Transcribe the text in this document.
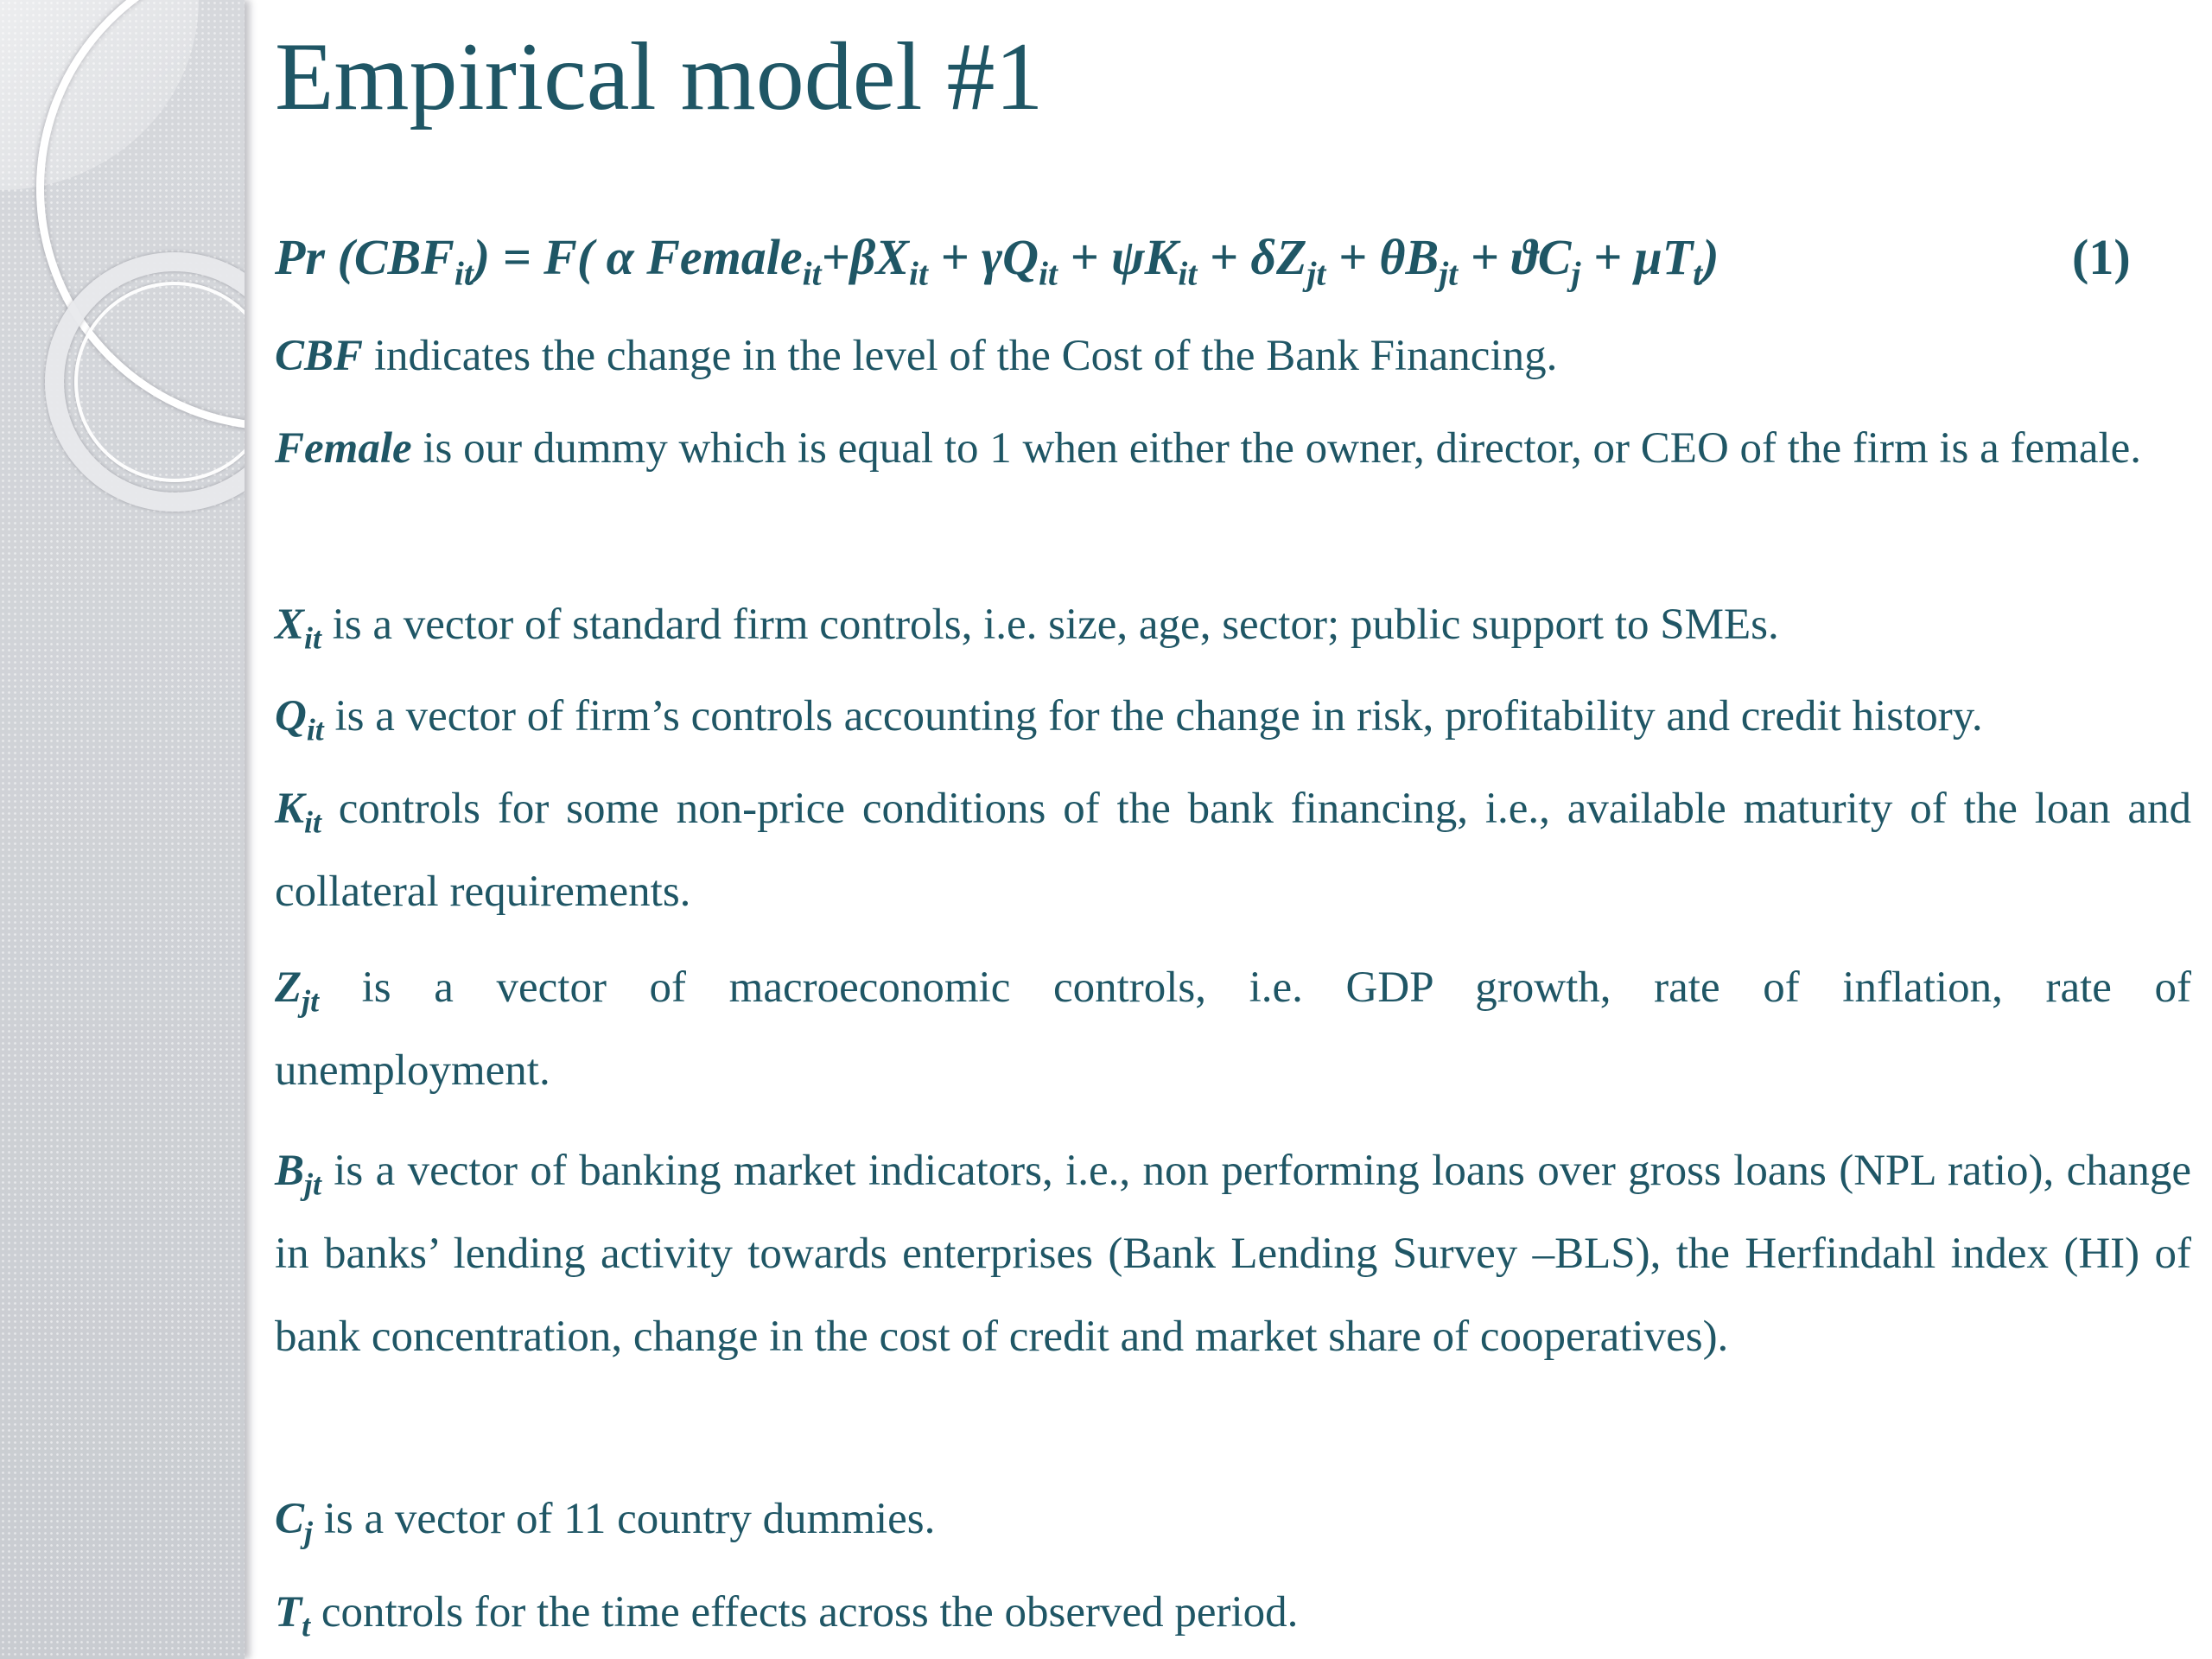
Empirical model #1
Pr $(CBF_{it}) = F$( α $Female_{it}+\beta X_{it} + \gamma Q_{it} + \psi K_{it} + \delta Z_{jt} + \theta B_{jt} + ϑC_j + \mu T_t$)	(1)

CBF indicates the change in the level of the Cost of the Bank Financing.

Female is our dummy which is equal to 1 when either the owner, director, or CEO of the firm is a female.

$X_{it}$ is a vector of standard firm controls, i.e. size, age, sector; public support to SMEs.

$Q_{it}$ is a vector of firm’s controls accounting for the change in risk, profitability and credit history.

$K_{it}$ controls for some non-price conditions of the bank financing, i.e., available maturity of the loan and collateral requirements.

$Z_{jt}$ is a vector of macroeconomic controls, i.e. GDP growth, rate of inflation, rate of unemployment.

$B_{jt}$ is a vector of banking market indicators, i.e., non performing loans over gross loans (NPL ratio), change in banks’ lending activity towards enterprises (Bank Lending Survey –BLS), the Herfindahl index (HI) of bank concentration, change in the cost of credit and market share of cooperatives).

$C_j$ is a vector of 11 country dummies.

$T_t$ controls for the time effects across the observed period.
